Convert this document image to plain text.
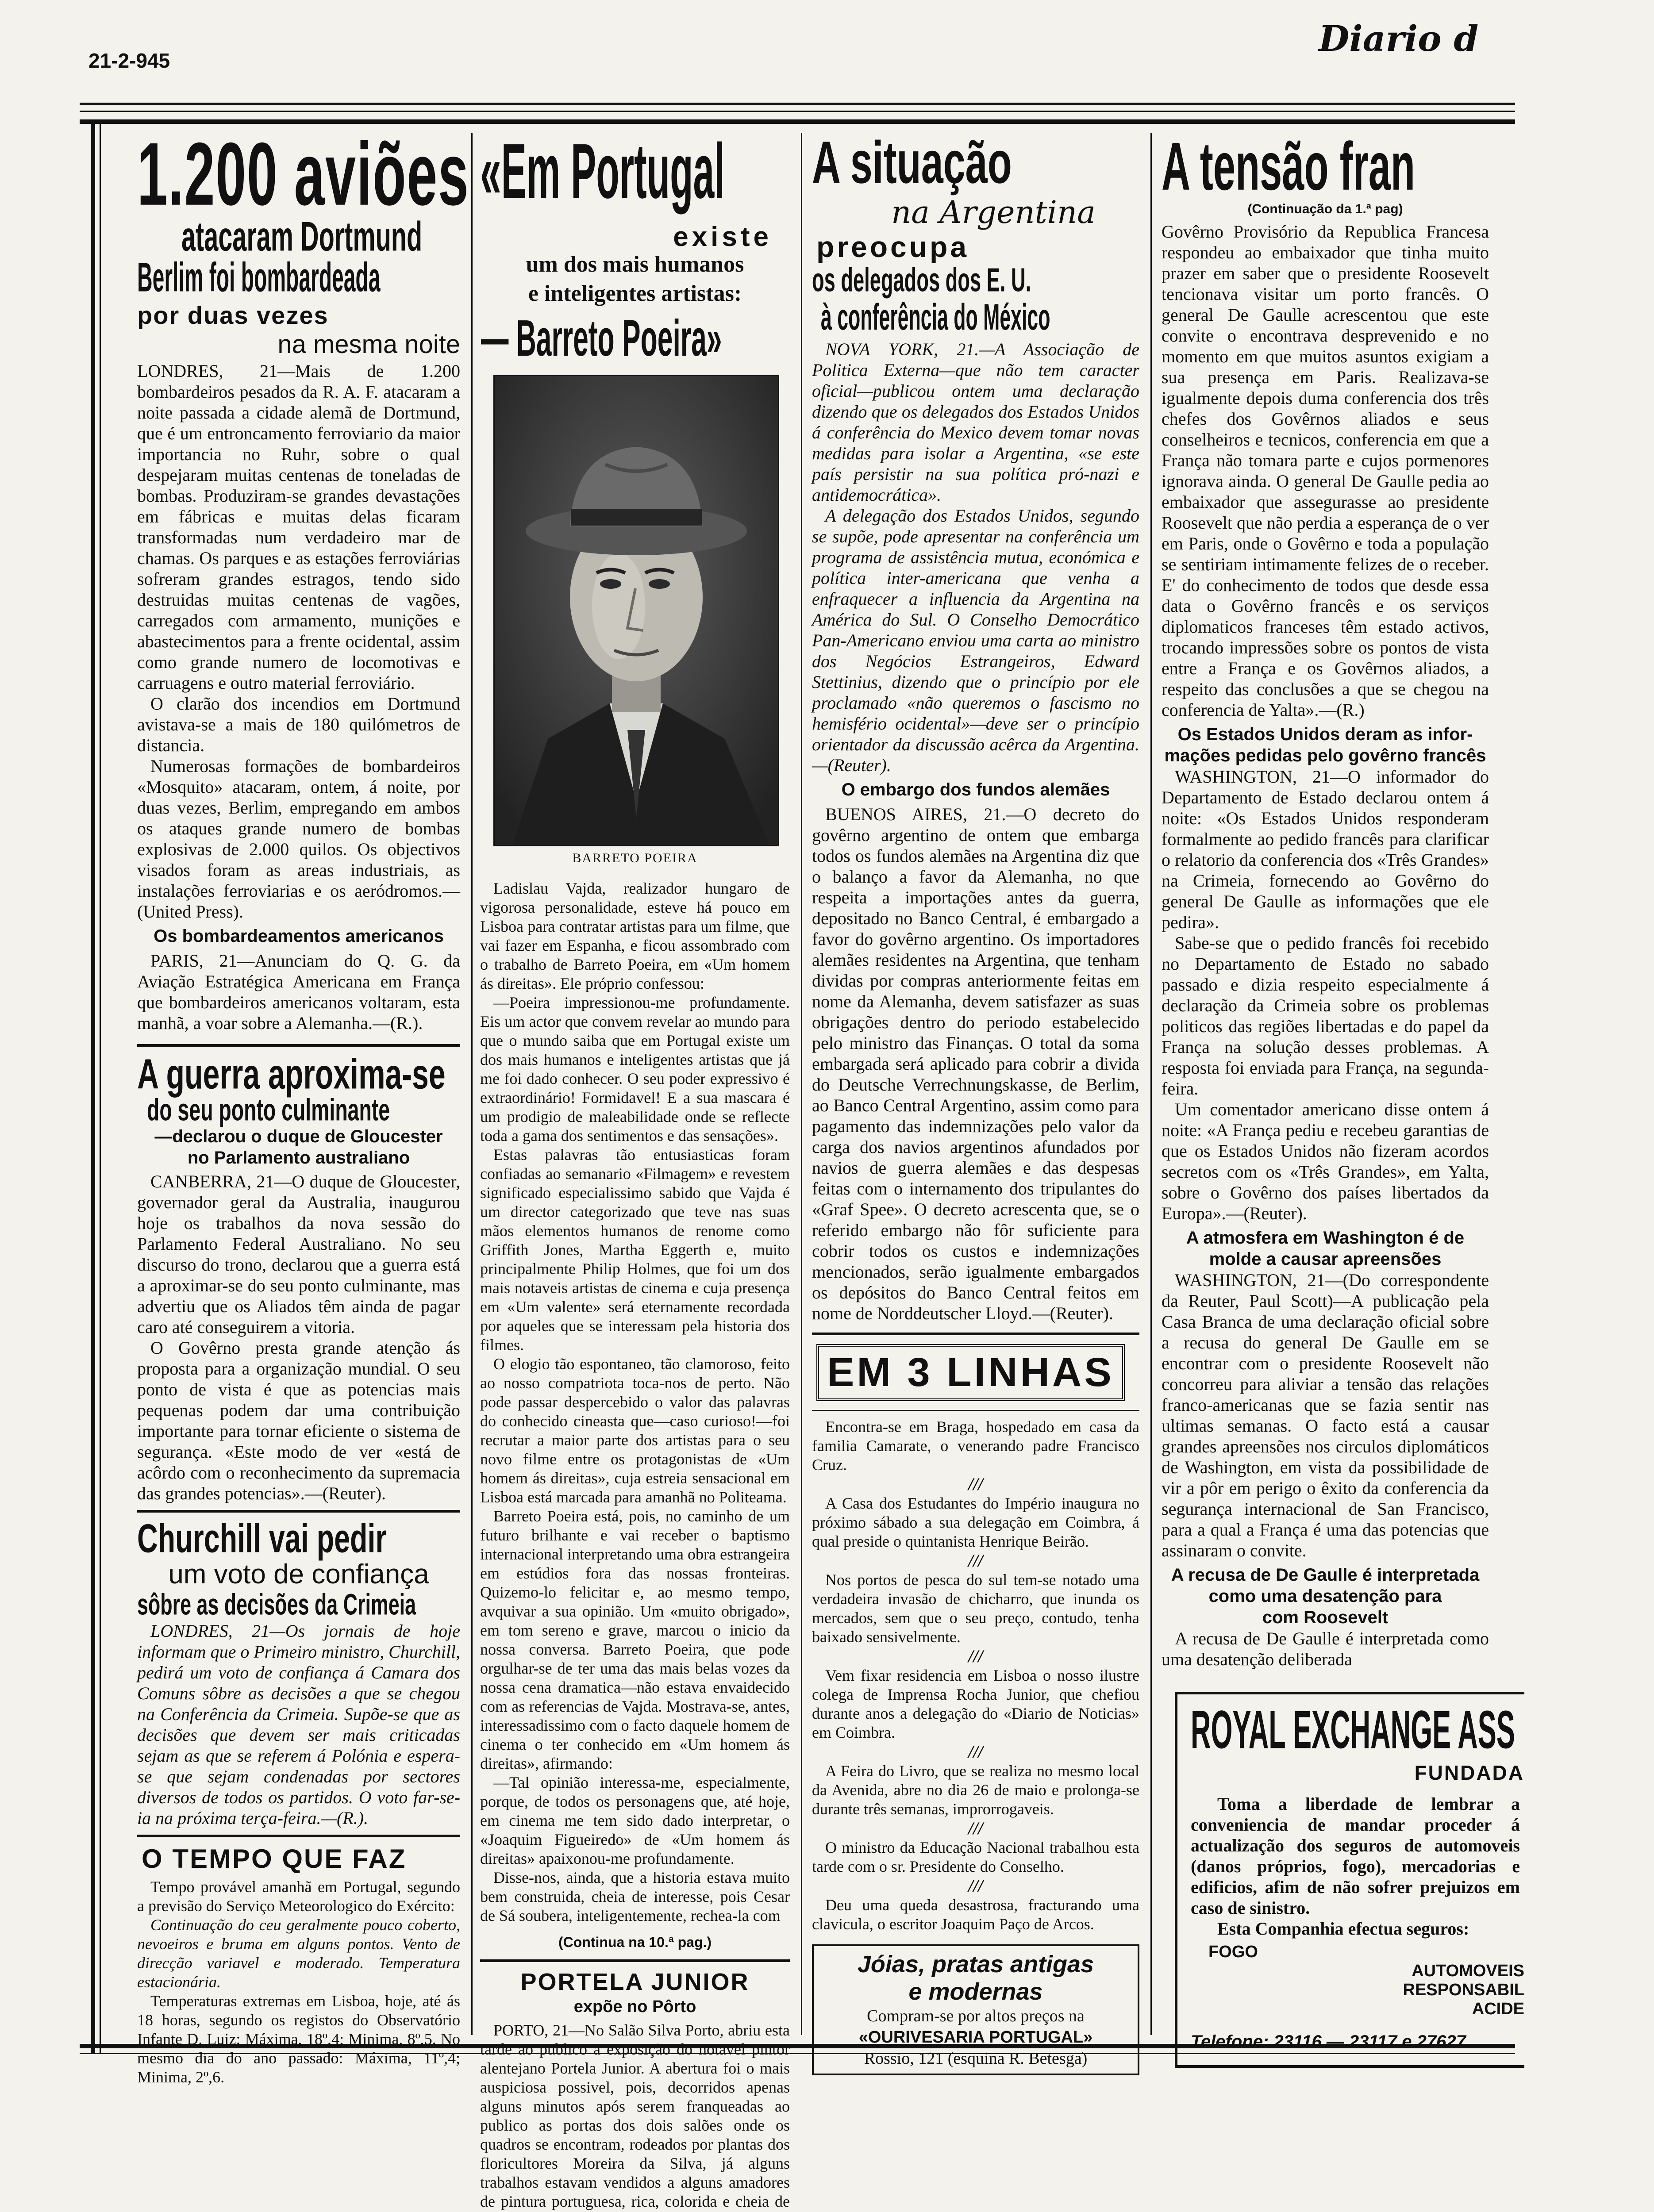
21-2-945
Diario d
1.200 aviões
atacaram Dortmund
Berlim foi bombardeada
por duas vezes
na mesma noite

LONDRES, 21—Mais de 1.200 bombardeiros pesados da R. A. F. atacaram a noite passada a cidade alemã de Dortmund, que é um entroncamento ferroviario da maior importancia no Ruhr, sobre o qual despejaram muitas centenas de toneladas de bombas. Produziram-se grandes devastações em fábricas e muitas delas ficaram transformadas num verdadeiro mar de chamas. Os parques e as estações ferroviárias sofreram grandes estragos, tendo sido destruidas muitas centenas de vagões, carregados com armamento, munições e abastecimentos para a frente ocidental, assim como grande numero de locomotivas e carruagens e outro material ferroviário.

O clarão dos incendios em Dortmund avistava-se a mais de 180 quilómetros de distancia.

Numerosas formações de bombardeiros «Mosquito» atacaram, ontem, á noite, por duas vezes, Berlim, empregando em ambos os ataques grande numero de bombas explosivas de 2.000 quilos. Os objectivos visados foram as areas industriais, as instalações ferroviarias e os aeródromos.—(United Press).

Os bombardeamentos americanos

PARIS, 21—Anunciam do Q. G. da Aviação Estratégica Americana em França que bombardeiros americanos voltaram, esta manhã, a voar sobre a Alemanha.—(R.).

A guerra aproxima-se
do seu ponto culminante
—declarou o duque de Gloucester
no Parlamento australiano

CANBERRA, 21—O duque de Gloucester, governador geral da Australia, inaugurou hoje os trabalhos da nova sessão do Parlamento Federal Australiano. No seu discurso do trono, declarou que a guerra está a aproximar-se do seu ponto culminante, mas advertiu que os Aliados têm ainda de pagar caro até conseguirem a vitoria.

O Govêrno presta grande atenção ás proposta para a organização mundial. O seu ponto de vista é que as potencias mais pequenas podem dar uma contribuição importante para tornar eficiente o sistema de segurança. «Este modo de ver «está de acôrdo com o reconhecimento da supremacia das grandes potencias».—(Reuter).

Churchill vai pedir
um voto de confiança
sôbre as decisões da Crimeia

LONDRES, 21—Os jornais de hoje informam que o Primeiro ministro, Churchill, pedirá um voto de confiança á Camara dos Comuns sôbre as decisões a que se chegou na Conferência da Crimeia. Supõe-se que as decisões que devem ser mais criticadas sejam as que se referem á Polónia e espera-se que sejam condenadas por sectores diversos de todos os partidos. O voto far-se-ia na próxima terça-feira.—(R.).

O TEMPO QUE FAZ

Tempo provável amanhã em Portugal, segundo a previsão do Serviço Meteorologico do Exército:

Continuação do ceu geralmente pouco coberto, nevoeiros e bruma em alguns pontos. Vento de direcção variavel e moderado. Temperatura estacionária.

Temperaturas extremas em Lisboa, hoje, até ás 18 horas, segundo os registos do Observatório Infante D. Luiz: Máxima, 18º,4; Minima, 8º,5. No mesmo dia do ano passado: Máxima, 11º,4; Minima, 2º,6.

«Em Portugal
existe
um dos mais humanos
e inteligentes artistas:
— Barreto Poeira»
BARRETO POEIRA

Ladislau Vajda, realizador hungaro de vigorosa personalidade, esteve há pouco em Lisboa para contratar artistas para um filme, que vai fazer em Espanha, e ficou assombrado com o trabalho de Barreto Poeira, em «Um homem ás direitas». Ele próprio confessou:

—Poeira impressionou-me profundamente. Eis um actor que convem revelar ao mundo para que o mundo saiba que em Portugal existe um dos mais humanos e inteligentes artistas que já me foi dado conhecer. O seu poder expressivo é extraordinário! Formidavel! E a sua mascara é um prodigio de maleabilidade onde se reflecte toda a gama dos sentimentos e das sensações».

Estas palavras tão entusiasticas foram confiadas ao semanario «Filmagem» e revestem significado especialissimo sabido que Vajda é um director categorizado que teve nas suas mãos elementos humanos de renome como Griffith Jones, Martha Eggerth e, muito principalmente Philip Holmes, que foi um dos mais notaveis artistas de cinema e cuja presença em «Um valente» será eternamente recordada por aqueles que se interessam pela historia dos filmes.

O elogio tão espontaneo, tão clamoroso, feito ao nosso compatriota toca-nos de perto. Não pode passar despercebido o valor das palavras do conhecido cineasta que—caso curioso!—foi recrutar a maior parte dos artistas para o seu novo filme entre os protagonistas de «Um homem ás direitas», cuja estreia sensacional em Lisboa está marcada para amanhã no Politeama.

Barreto Poeira está, pois, no caminho de um futuro brilhante e vai receber o baptismo internacional interpretando uma obra estrangeira em estúdios fora das nossas fronteiras. Quizemo-lo felicitar e, ao mesmo tempo, avquivar a sua opinião. Um «muito obrigado», em tom sereno e grave, marcou o inicio da nossa conversa. Barreto Poeira, que pode orgulhar-se de ter uma das mais belas vozes da nossa cena dramatica—não estava envaidecido com as referencias de Vajda. Mostrava-se, antes, interessadissimo com o facto daquele homem de cinema o ter conhecido em «Um homem ás direitas», afirmando:

—Tal opinião interessa-me, especialmente, porque, de todos os personagens que, até hoje, em cinema me tem sido dado interpretar, o «Joaquim Figueiredo» de «Um homem ás direitas» apaixonou-me profundamente.

Disse-nos, ainda, que a historia estava muito bem construida, cheia de interesse, pois Cesar de Sá soubera, inteligentemente, rechea-la com

(Continua na 10.ª pag.)
PORTELA JUNIOR
expõe no Pôrto

PORTO, 21—No Salão Silva Porto, abriu esta tarde ao publico a exposição do notavel pintor alentejano Portela Junior. A abertura foi o mais auspiciosa possivel, pois, decorridos apenas alguns minutos após serem franqueadas ao publico as portas dos dois salões onde os quadros se encontram, rodeados por plantas dos floricultores Moreira da Silva, já alguns trabalhos estavam vendidos a alguns amadores de pintura portuguesa, rica, colorida e cheia de

A situação
na Argentina
preocupa
os delegados dos E. U.
à conferência do México

NOVA YORK, 21.—A Associação de Politica Externa—que não tem caracter oficial—publicou ontem uma declaração dizendo que os delegados dos Estados Unidos á conferência do Mexico devem tomar novas medidas para isolar a Argentina, «se este país persistir na sua política pró-nazi e antidemocrática».

A delegação dos Estados Unidos, segundo se supõe, pode apresentar na conferência um programa de assistência mutua, económica e política inter-americana que venha a enfraquecer a influencia da Argentina na América do Sul. O Conselho Democrático Pan-Americano enviou uma carta ao ministro dos Negócios Estrangeiros, Edward Stettinius, dizendo que o princípio por ele proclamado «não queremos o fascismo no hemisfério ocidental»—deve ser o princípio orientador da discussão acêrca da Argentina.—(Reuter).

O embargo dos fundos alemães

BUENOS AIRES, 21.—O decreto do govêrno argentino de ontem que embarga todos os fundos alemães na Argentina diz que o balanço a favor da Alemanha, no que respeita a importações antes da guerra, depositado no Banco Central, é embargado a favor do govêrno argentino. Os importadores alemães residentes na Argentina, que tenham dividas por compras anteriormente feitas em nome da Alemanha, devem satisfazer as suas obrigações dentro do periodo estabelecido pelo ministro das Finanças. O total da soma embargada será aplicado para cobrir a divida do Deutsche Verrechnungskasse, de Berlim, ao Banco Central Argentino, assim como para pagamento das indemnizações pelo valor da carga dos navios argentinos afundados por navios de guerra alemães e das despesas feitas com o internamento dos tripulantes do «Graf Spee». O decreto acrescenta que, se o referido embargo não fôr suficiente para cobrir todos os custos e indemnizações mencionados, serão igualmente embargados os depósitos do Banco Central feitos em nome de Norddeutscher Lloyd.—(Reuter).

EM 3 LINHAS

Encontra-se em Braga, hospedado em casa da familia Camarate, o venerando padre Francisco Cruz.

///

A Casa dos Estudantes do Império inaugura no próximo sábado a sua delegação em Coimbra, á qual preside o quintanista Henrique Beirão.

///

Nos portos de pesca do sul tem-se notado uma verdadeira invasão de chicharro, que inunda os mercados, sem que o seu preço, contudo, tenha baixado sensivelmente.

///

Vem fixar residencia em Lisboa o nosso ilustre colega de Imprensa Rocha Junior, que chefiou durante anos a delegação do «Diario de Noticias» em Coimbra.

///

A Feira do Livro, que se realiza no mesmo local da Avenida, abre no dia 26 de maio e prolonga-se durante três semanas, improrrogaveis.

///

O ministro da Educação Nacional trabalhou esta tarde com o sr. Presidente do Conselho.

///

Deu uma queda desastrosa, fracturando uma clavicula, o escritor Joaquim Paço de Arcos.

Jóias, pratas antigas
e modernas
Compram-se por altos preços na
«OURIVESARIA PORTUGAL»
Rossio, 121 (esquina R. Betesga)
A tensão fran
(Continuação da 1.ª pag)

Govêrno Provisório da Republica Francesa respondeu ao embaixador que tinha muito prazer em saber que o presidente Roosevelt tencionava visitar um porto francês. O general De Gaulle acrescentou que este convite o encontrava desprevenido e no momento em que muitos asuntos exigiam a sua presença em Paris. Realizava-se igualmente depois duma conferencia dos três chefes dos Govêrnos aliados e seus conselheiros e tecnicos, conferencia em que a França não tomara parte e cujos pormenores ignorava ainda. O general De Gaulle pedia ao embaixador que assegurasse ao presidente Roosevelt que não perdia a esperança de o ver em Paris, onde o Govêrno e toda a população se sentiriam intimamente felizes de o receber. E' do conhecimento de todos que desde essa data o Govêrno francês e os serviços diplomaticos franceses têm estado activos, trocando impressões sobre os pontos de vista entre a França e os Govêrnos aliados, a respeito das conclusões a que se chegou na conferencia de Yalta».—(R.)

Os Estados Unidos deram as infor-
mações pedidas pelo govêrno francês

WASHINGTON, 21—O informador do Departamento de Estado declarou ontem á noite: «Os Estados Unidos responderam formalmente ao pedido francês para clarificar o relatorio da conferencia dos «Três Grandes» na Crimeia, fornecendo ao Govêrno do general De Gaulle as informações que ele pedira».

Sabe-se que o pedido francês foi recebido no Departamento de Estado no sabado passado e dizia respeito especialmente á declaração da Crimeia sobre os problemas politicos das regiões libertadas e do papel da França na solução desses problemas. A resposta foi enviada para França, na segunda-feira.

Um comentador americano disse ontem á noite: «A França pediu e recebeu garantias de que os Estados Unidos não fizeram acordos secretos com os «Três Grandes», em Yalta, sobre o Govêrno dos países libertados da Europa».—(Reuter).

A atmosfera em Washington é de
molde a causar apreensões

WASHINGTON, 21—(Do correspondente da Reuter, Paul Scott)—A publicação pela Casa Branca de uma declaração oficial sobre a recusa do general De Gaulle em se encontrar com o presidente Roosevelt não concorreu para aliviar a tensão das relações franco-americanas que se fazia sentir nas ultimas semanas. O facto está a causar grandes apreensões nos circulos diplomáticos de Washington, em vista da possibilidade de vir a pôr em perigo o êxito da conferencia da segurança internacional de San Francisco, para a qual a França é uma das potencias que assinaram o convite.

A recusa de De Gaulle é interpretada
como uma desatenção para
com Roosevelt

A recusa de De Gaulle é interpretada como uma desatenção deliberada

ROYAL EXCHANGE ASS
FUNDADA

Toma a liberdade de lembrar a conveniencia de mandar proceder á actualização dos seguros de automoveis (danos próprios, fogo), mercadorias e edificios, afim de não sofrer prejuizos em caso de sinistro.

Esta Companhia efectua seguros:

FOGO
AUTOMOVEIS
RESPONSABIL
ACIDE
Telefone: 23116 — 23117 e 27627
